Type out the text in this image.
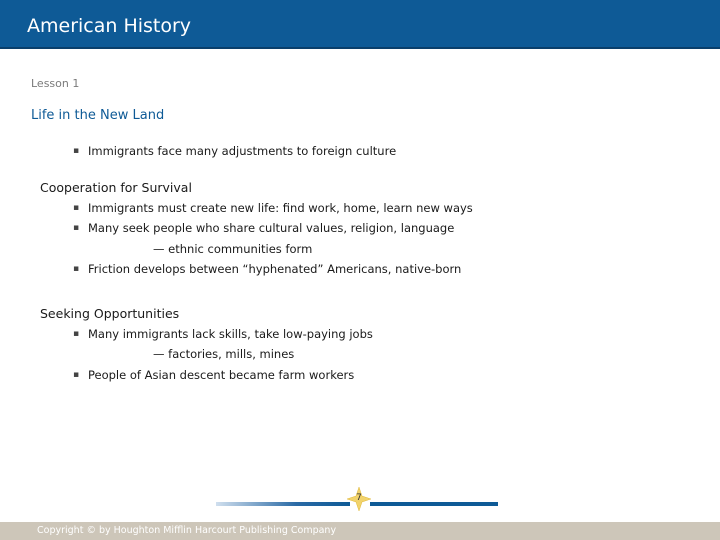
American History
Lesson 1
Life in the New Land
▪ Immigrants face many adjustments to foreign culture
Cooperation for Survival
▪ Immigrants must create new life: find work, home, learn new ways
▪ Many seek people who share cultural values, religion, language
— ethnic communities form
▪ Friction develops between “hyphenated” Americans, native-born
Seeking Opportunities
▪ Many immigrants lack skills, take low-paying jobs
— factories, mills, mines
▪ People of Asian descent became farm workers
7
Copyright © by Houghton Mifflin Harcourt Publishing Company
